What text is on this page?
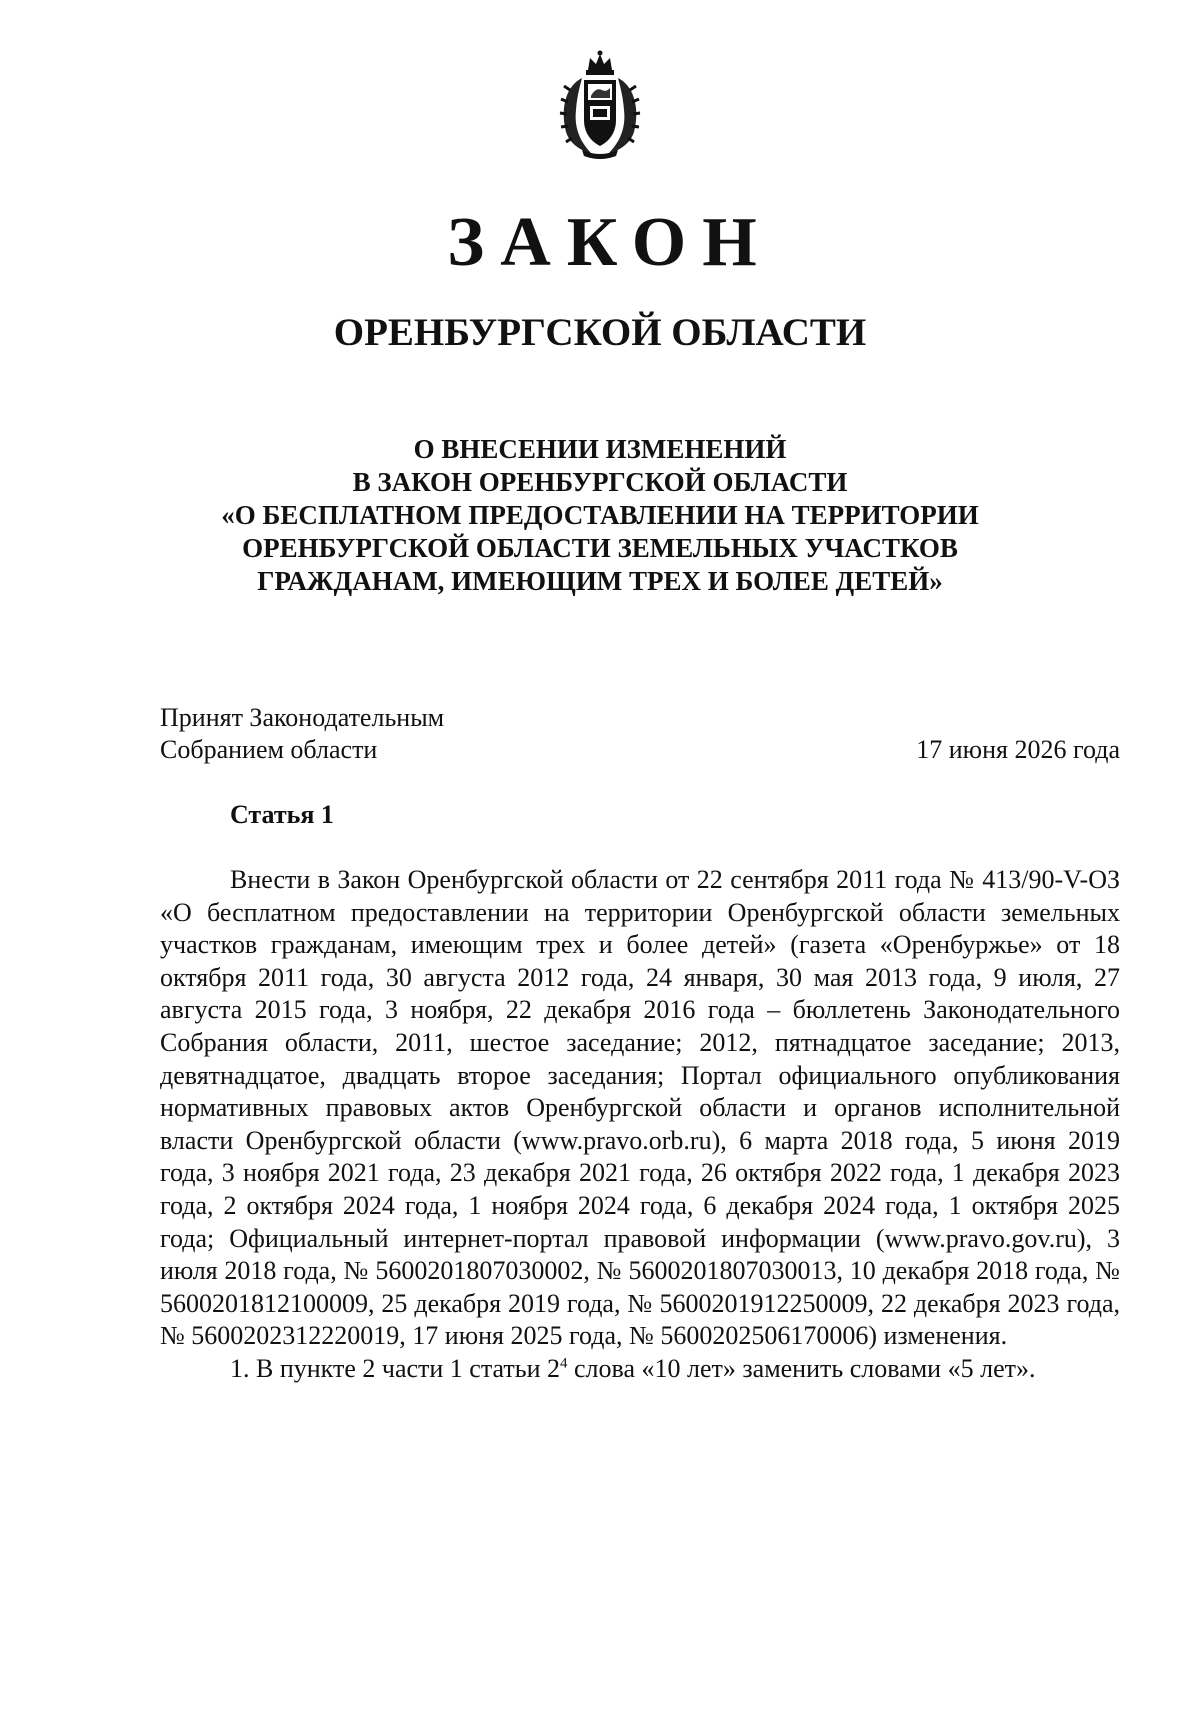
ЗАКОН
ОРЕНБУРГСКОЙ ОБЛАСТИ
О ВНЕСЕНИИ ИЗМЕНЕНИЙ
В ЗАКОН ОРЕНБУРГСКОЙ ОБЛАСТИ
«О БЕСПЛАТНОМ ПРЕДОСТАВЛЕНИИ НА ТЕРРИТОРИИ
ОРЕНБУРГСКОЙ ОБЛАСТИ ЗЕМЕЛЬНЫХ УЧАСТКОВ
ГРАЖДАНАМ, ИМЕЮЩИМ ТРЕХ И БОЛЕЕ ДЕТЕЙ»
Принят Законодательным
Собранием области	17 июня 2026 года
Статья 1
Внести в Закон Оренбургской области от 22 сентября 2011 года № 413/90-V-ОЗ «О бесплатном предоставлении на территории Оренбургской области земельных участков гражданам, имеющим трех и более детей» (газета «Оренбуржье» от 18 октября 2011 года, 30 августа 2012 года, 24 января, 30 мая 2013 года, 9 июля, 27 августа 2015 года, 3 ноября, 22 декабря 2016 года – бюллетень Законодательного Собрания области, 2011, шестое заседание; 2012, пятнадцатое заседание; 2013, девятнадцатое, двадцать второе заседания; Портал официального опубликования нормативных правовых актов Оренбургской области и органов исполнительной власти Оренбургской области (www.pravo.orb.ru), 6 марта 2018 года, 5 июня 2019 года, 3 ноября 2021 года, 23 декабря 2021 года, 26 октября 2022 года, 1 декабря 2023 года, 2 октября 2024 года, 1 ноября 2024 года, 6 декабря 2024 года, 1 октября 2025 года; Официальный интернет-портал правовой информации (www.pravo.gov.ru), 3 июля 2018 года, № 5600201807030002, № 5600201807030013, 10 декабря 2018 года, № 5600201812100009, 25 декабря 2019 года, № 5600201912250009, 22 декабря 2023 года, № 5600202312220019, 17 июня 2025 года, № 5600202506170006) изменения.
1. В пункте 2 части 1 статьи $2^4$ слова «10 лет» заменить словами «5 лет».
